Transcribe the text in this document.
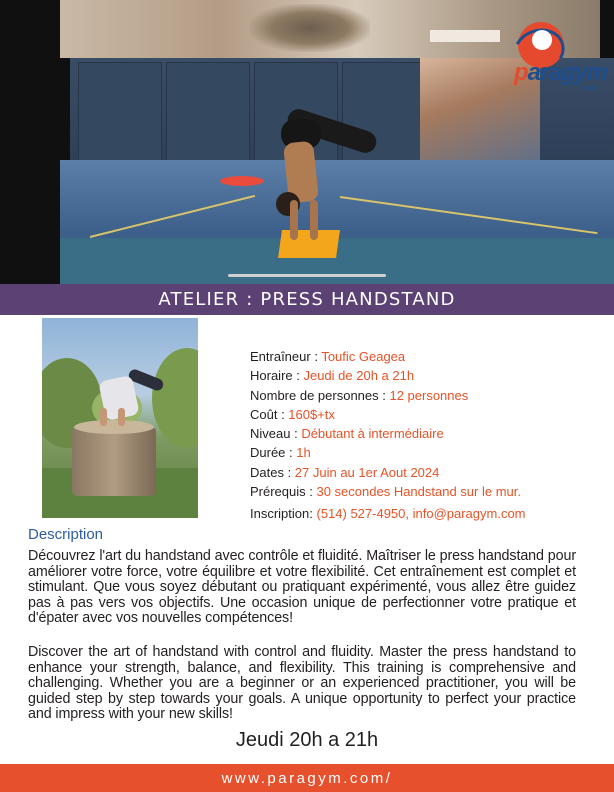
paragym
.com
ATELIER : PRESS HANDSTAND
Entraîneur : Toufic Geagea
Horaire : Jeudi de 20h a 21h
Nombre de personnes : 12 personnes
Coût : 160$+tx
Niveau : Débutant à intermédiaire
Durée : 1h
Dates : 27 Juin au 1er Aout 2024
Prérequis : 30 secondes Handstand sur le mur.
Inscription: (514) 527-4950, info@paragym.com
Description

Découvrez l'art du handstand avec contrôle et fluidité. Maîtriser le press handstand pour améliorer votre force, votre équilibre et votre flexibilité. Cet entraînement est complet et stimulant. Que vous soyez débutant ou pratiquant expérimenté, vous allez être guidez pas à pas vers vos objectifs. Une occasion unique de perfectionner votre pratique et d'épater avec vos nouvelles compétences!

Discover the art of handstand with control and fluidity. Master the press handstand to enhance your strength, balance, and flexibility. This training is comprehensive and challenging. Whether you are a beginner or an experienced practitioner, you will be guided step by step towards your goals. A unique opportunity to perfect your practice and impress with your new skills!

Jeudi 20h a 21h
www.paragym.com/
